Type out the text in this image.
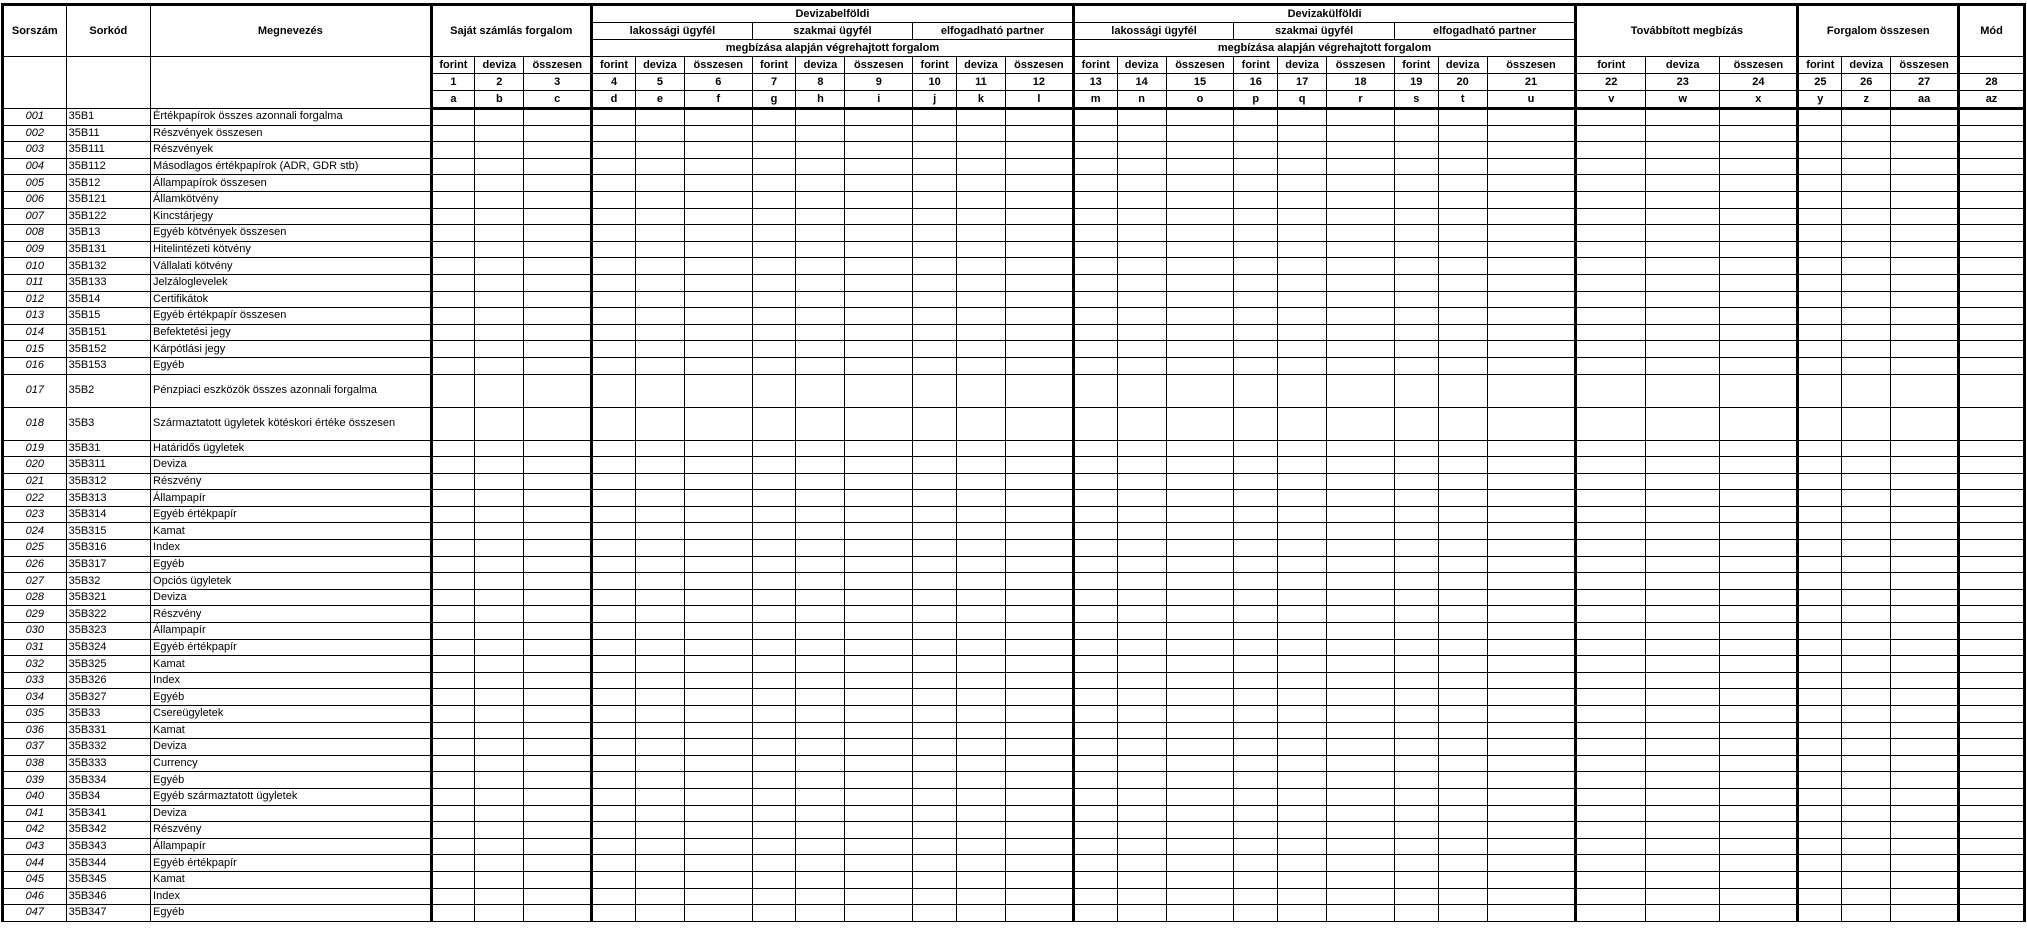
Sorszám	Sorkód	Megnevezés	Saját számlás forgalom			Devizabelföldi									Devizakülföldi									Továbbított megbízás			Forgalom összesen			Mód
						lakossági ügyfél			szakmai ügyfél			elfogadható partner			lakossági ügyfél			szakmai ügyfél			elfogadható partner									
						megbízása alapján végrehajtott forgalom									megbízása alapján végrehajtott forgalom															
			forint	deviza	összesen	forint	deviza	összesen	forint	deviza	összesen	forint	deviza	összesen	forint	deviza	összesen	forint	deviza	összesen	forint	deviza	összesen	forint	deviza	összesen	forint	deviza	összesen	
			1	2	3	4	5	6	7	8	9	10	11	12	13	14	15	16	17	18	19	20	21	22	23	24	25	26	27	28
			a	b	c	d	e	f	g	h	i	j	k	l	m	n	o	p	q	r	s	t	u	v	w	x	y	z	aa	az
001	35B1	Értékpapírok összes azonnali forgalma																												
002	35B11	Részvények összesen																												
003	35B111	Részvények																												
004	35B112	Másodlagos értékpapírok (ADR, GDR stb)																												
005	35B12	Állampapírok összesen																												
006	35B121	Államkötvény																												
007	35B122	Kincstárjegy																												
008	35B13	Egyéb kötvények összesen																												
009	35B131	Hitelintézeti kötvény																												
010	35B132	Vállalati kötvény																												
011	35B133	Jelzáloglevelek																												
012	35B14	Certifikátok																												
013	35B15	Egyéb értékpapír összesen																												
014	35B151	Befektetési jegy																												
015	35B152	Kárpótlási jegy																												
016	35B153	Egyéb																												
017	35B2	Pénzpiaci eszközök összes azonnali forgalma																												
018	35B3	Származtatott ügyletek kötéskori értéke összesen																												
019	35B31	Határidős ügyletek																												
020	35B311	Deviza																												
021	35B312	Részvény																												
022	35B313	Állampapír																												
023	35B314	Egyéb értékpapír																												
024	35B315	Kamat																												
025	35B316	Index																												
026	35B317	Egyéb																												
027	35B32	Opciós ügyletek																												
028	35B321	Deviza																												
029	35B322	Részvény																												
030	35B323	Állampapír																												
031	35B324	Egyéb értékpapír																												
032	35B325	Kamat																												
033	35B326	Index																												
034	35B327	Egyéb																												
035	35B33	Csereügyletek																												
036	35B331	Kamat																												
037	35B332	Deviza																												
038	35B333	Currency																												
039	35B334	Egyéb																												
040	35B34	Egyéb származtatott ügyletek																												
041	35B341	Deviza																												
042	35B342	Részvény																												
043	35B343	Állampapír																												
044	35B344	Egyéb értékpapír																												
045	35B345	Kamat																												
046	35B346	Index																												
047	35B347	Egyéb																												
